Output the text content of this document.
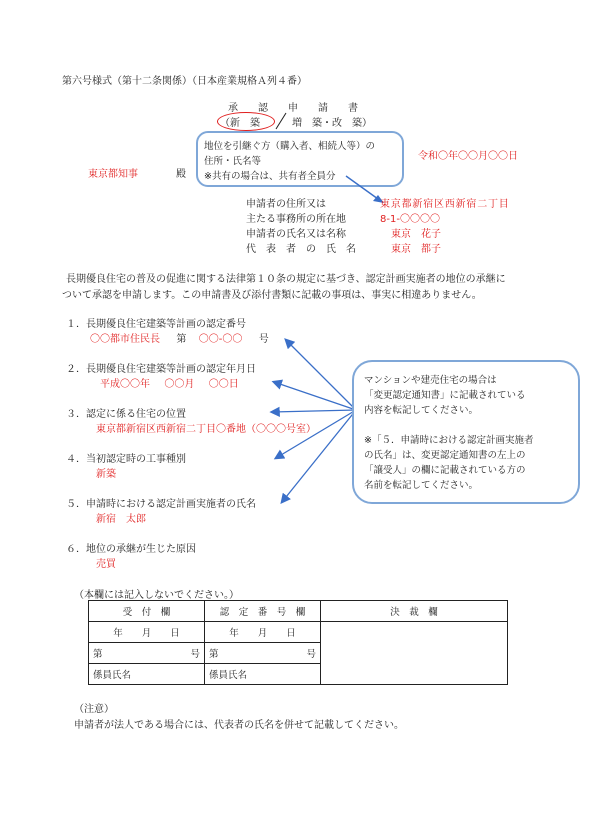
第六号様式（第十二条関係）（日本産業規格Ａ列４番）
承　　認　　申　　請　　書
（新　築	増　築・改　築）
地位を引継ぐ方（購入者、相続人等）の
住所・氏名等
※共有の場合は、共有者全員分
令和〇年〇〇月〇〇日
東京都知事	殿
申請者の住所又は	東京都新宿区西新宿二丁目
主たる事務所の所在地	8-1-〇〇〇〇
申請者の氏名又は名称	東京　花子
代　表　者　の　氏　名	東京　都子
長期優良住宅の普及の促進に関する法律第１０条の規定に基づき、認定計画実施者の地位の承継に
ついて承認を申請します。この申請書及び添付書類に記載の事項は、事実に相違ありません。
１．長期優良住宅建築等計画の認定番号
〇〇都市住民長 第 〇〇-〇〇 号
２．長期優良住宅建築等計画の認定年月日
平成〇〇年 〇〇月 〇〇日
３．認定に係る住宅の位置
東京都新宿区西新宿二丁目〇番地（〇〇〇号室）
４．当初認定時の工事種別
新築
５．申請時における認定計画実施者の氏名
新宿　太郎
６．地位の承継が生じた原因
売買
マンションや建売住宅の場合は
「変更認定通知書」に記載されている
内容を転記してください。
※「５．申請時における認定計画実施者
の氏名」は、変更認定通知書の左上の
「譲受人」の欄に記載されている方の
名前を転記してください。
（本欄には記入しないでください。）
受　付　欄	認　定　番　号　欄	決　裁　欄
年　　月　　日	年　　月　　日	
第 号	第 号	

係員氏名	係員氏名	
（注意）
申請者が法人である場合には、代表者の氏名を併せて記載してください。
